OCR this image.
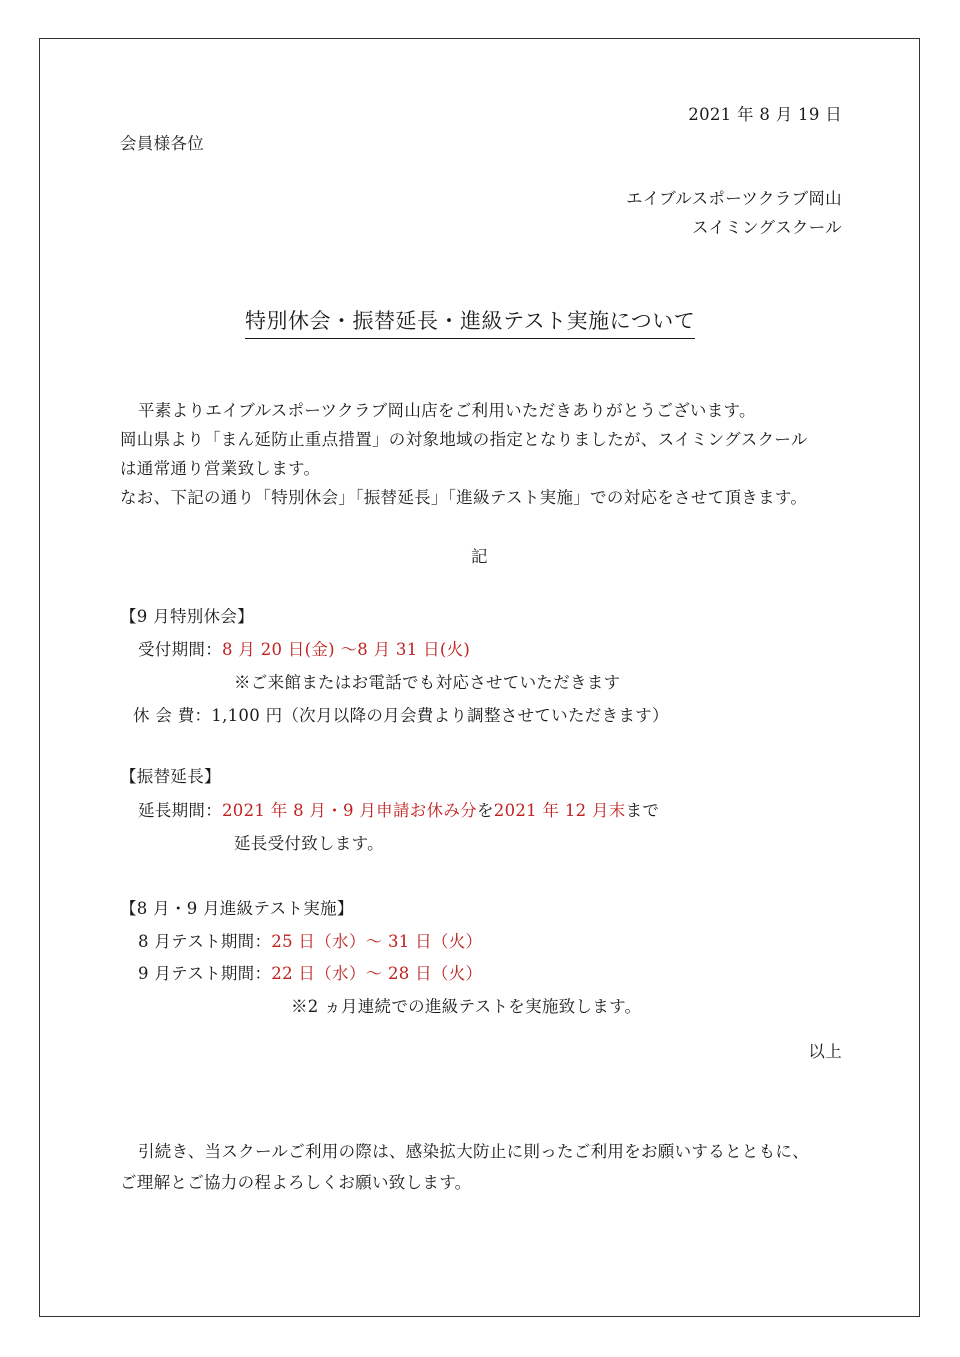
2021 年 8 月 19 日
会員様各位
エイブルスポーツクラブ岡山
スイミングスクール
特別休会・振替延長・進級テスト実施について
平素よりエイブルスポーツクラブ岡山店をご利用いただきありがとうございます。
岡山県より「まん延防止重点措置」の対象地域の指定となりましたが、スイミングスクール
は通常通り営業致します。
なお、下記の通り「特別休会」「振替延長」「進級テスト実施」での対応をさせて頂きます。
記
【9 月特別休会】
受付期間：8 月 20 日(金) ～8 月 31 日(火)
※ご来館またはお電話でも対応させていただきます
休 会 費：1,100 円（次月以降の月会費より調整させていただきます）
【振替延長】
延長期間：2021 年 8 月・9 月申請お休み分を2021 年 12 月末まで
延長受付致します。
【8 月・9 月進級テスト実施】
8 月テスト期間：25 日（水）～ 31 日（火）
9 月テスト期間：22 日（水）～ 28 日（火）
※2 ヵ月連続での進級テストを実施致します。
以上
引続き、当スクールご利用の際は、感染拡大防止に則ったご利用をお願いするとともに、
ご理解とご協力の程よろしくお願い致します。
